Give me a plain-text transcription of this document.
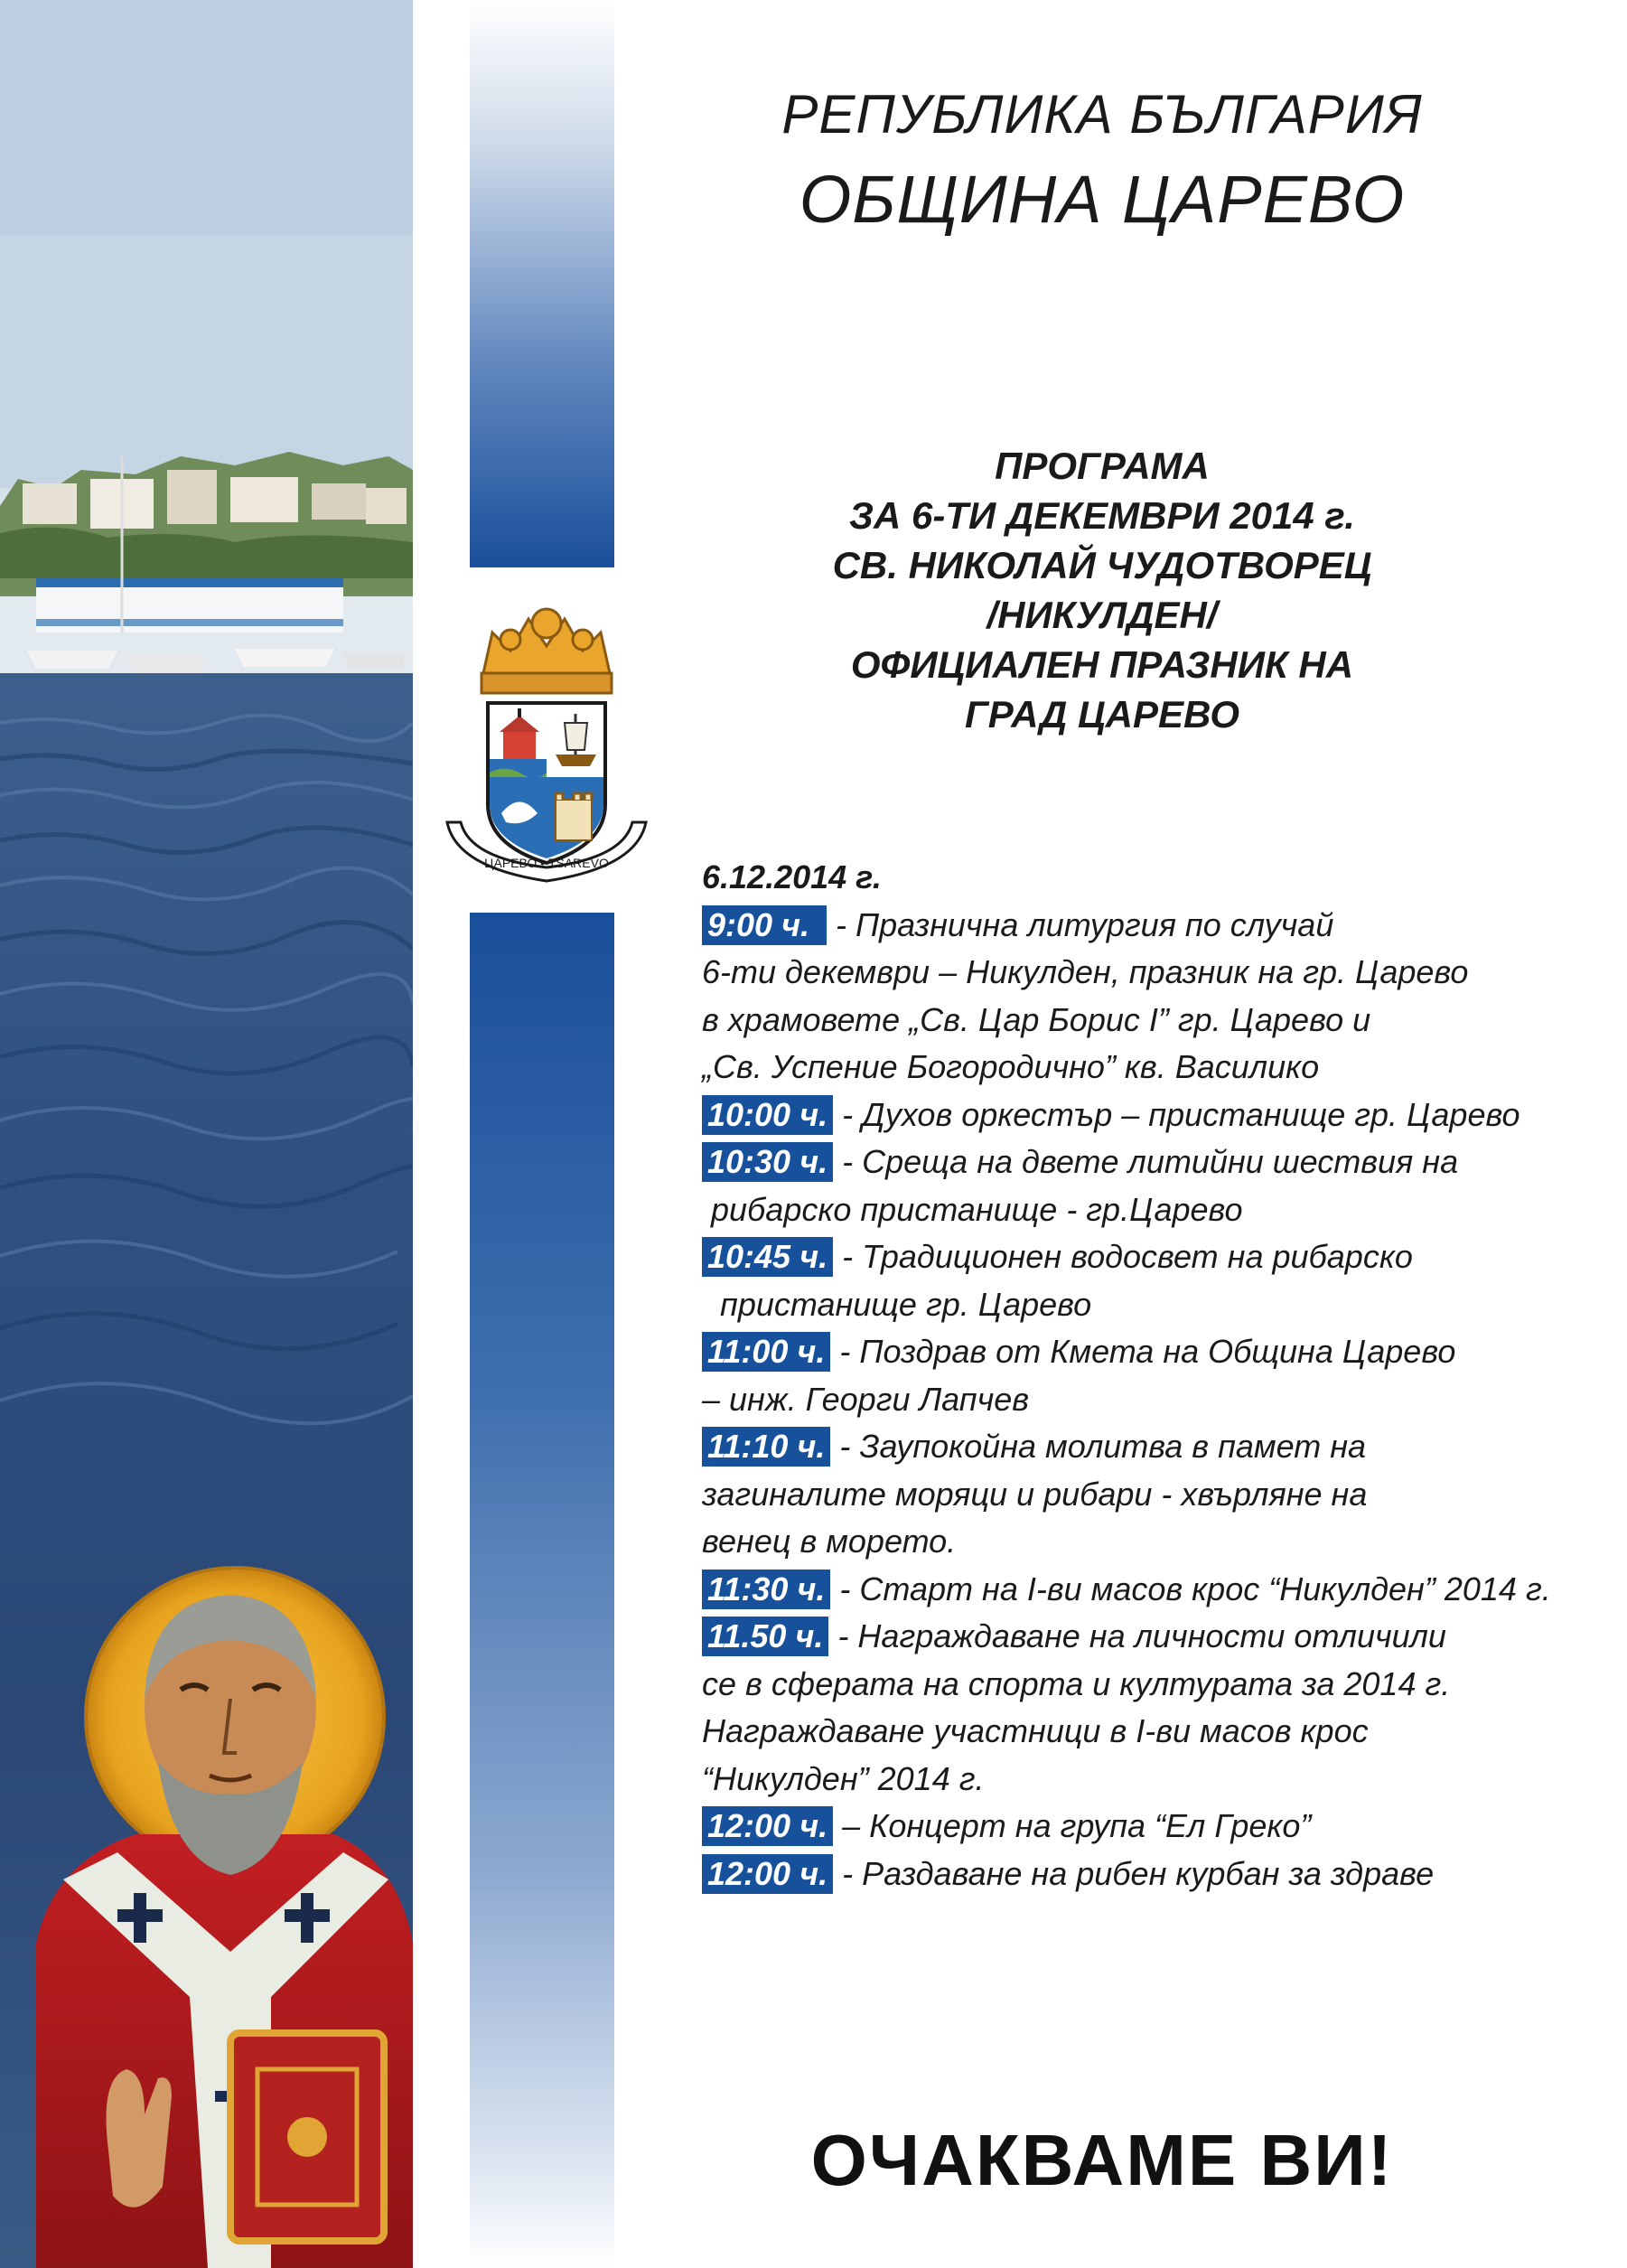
ЦАРЕВО • TSAREVO
РЕПУБЛИКА БЪЛГАРИЯ
ОБЩИНА ЦАРЕВО
ПРОГРАМА
ЗА 6-ТИ ДЕКЕМВРИ 2014 г.
СВ. НИКОЛАЙ ЧУДОТВОРЕЦ
/НИКУЛДЕН/
ОФИЦИАЛЕН ПРАЗНИК НА
ГРАД ЦАРЕВО
6.12.2014 г.
9:00 ч. - Празнична литургия по случай
6-ти декември – Никулден, празник на гр. Царево
в храмовете „Св. Цар Борис I” гр. Царево и
„Св. Успение Богородично” кв. Василико
10:00 ч. - Духов оркестър – пристанище гр. Царево
10:30 ч. - Среща на двете литийни шествия на
рибарско пристанище - гр.Царево
10:45 ч. - Традиционен водосвет на рибарско
пристанище гр. Царево
11:00 ч. - Поздрав от Кмета на Община Царево
– инж. Георги Лапчев
11:10 ч. - Заупокойна молитва в памет на
загиналите моряци и рибари - хвърляне на
венец в морето.
11:30 ч. - Старт на I-ви масов крос “Никулден” 2014 г.
11.50 ч. - Награждаване на личности отличили
се в сферата на спорта и културата за 2014 г.
Награждаване участници в I-ви масов крос
“Никулден” 2014 г.
12:00 ч. – Концерт на група “Ел Греко”
12:00 ч. - Раздаване на рибен курбан за здраве
ОЧАКВАМЕ ВИ!
